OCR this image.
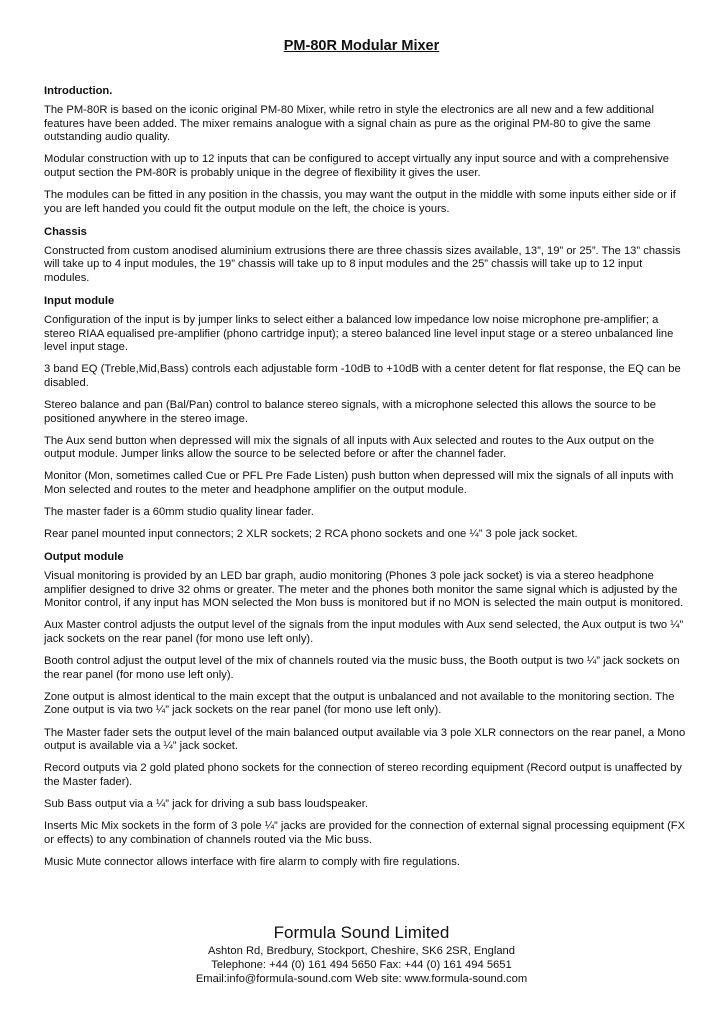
PM-80R Modular Mixer
Introduction.
The PM-80R is based on the iconic original PM-80 Mixer, while retro in style the electronics are all new and a few additional features have been added. The mixer remains analogue with a signal chain as pure as the original PM-80 to give the same outstanding audio quality.
Modular construction with up to 12 inputs that can be configured to accept virtually any input source and with a comprehensive output section the PM-80R is probably unique in the degree of flexibility it gives the user.
The modules can be fitted in any position in the chassis, you may want the output in the middle with some inputs either side or if you are left handed you could fit the output module on the left, the choice is yours.
Chassis
Constructed from custom anodised aluminium extrusions there are three chassis sizes available, 13”, 19” or 25”. The 13” chassis will take up to 4 input modules, the 19” chassis will take up to 8 input modules and the 25” chassis will take up to 12 input modules.
Input module
Configuration of the input is by jumper links to select either a balanced low impedance low noise microphone pre-amplifier; a stereo RIAA equalised pre-amplifier (phono cartridge input); a stereo balanced line level input stage or a stereo unbalanced line level input stage.
3 band EQ (Treble,Mid,Bass) controls each adjustable form -10dB to +10dB with a center detent for flat response, the EQ can be disabled.
Stereo balance and pan (Bal/Pan) control to balance stereo signals, with a microphone selected this allows the source to be positioned anywhere in the stereo image.
The Aux send button when depressed will mix the signals of all inputs with Aux selected and routes to the Aux output on the output module. Jumper links allow the source to be selected before or after the channel fader.
Monitor (Mon, sometimes called Cue or PFL Pre Fade Listen) push button when depressed will mix the signals of all inputs with Mon selected and routes to the meter and headphone amplifier on the output module.
The master fader is a 60mm studio quality linear fader.
Rear panel mounted input connectors; 2 XLR sockets; 2 RCA phono sockets and one ¼” 3 pole jack socket.
Output module
Visual monitoring is provided by an LED bar graph, audio monitoring (Phones 3 pole jack socket) is via a stereo headphone amplifier designed to drive 32 ohms or greater. The meter and the phones both monitor the same signal which is adjusted by the Monitor control, if any input has MON selected the Mon buss is monitored but if no MON is selected the main output is monitored.
Aux Master control adjusts the output level of the signals from the input modules with Aux send selected, the Aux output is two ¼” jack sockets on the rear panel (for mono use left only).
Booth control adjust the output level of the mix of channels routed via the music buss, the Booth output is two ¼” jack sockets on the rear panel (for mono use left only).
Zone output is almost identical to the main except that the output is unbalanced and not available to the monitoring section. The Zone output is via two ¼” jack sockets on the rear panel (for mono use left only).
The Master fader sets the output level of the main balanced output available via 3 pole XLR connectors on the rear panel, a Mono output is available via a ¼” jack socket.
Record outputs via 2 gold plated phono sockets for the connection of stereo recording equipment (Record output is unaffected by the Master fader).
Sub Bass output via a ¼” jack for driving a sub bass loudspeaker.
Inserts Mic Mix sockets in the form of 3 pole ¼” jacks are provided for the connection of external signal processing equipment (FX or effects) to any combination of channels routed via the Mic buss.
Music Mute connector allows interface with fire alarm to comply with fire regulations.
Formula Sound Limited
Ashton Rd, Bredbury, Stockport, Cheshire, SK6 2SR, England
Telephone: +44 (0) 161 494 5650 Fax: +44 (0) 161 494 5651
Email:info@formula-sound.com Web site: www.formula-sound.com
